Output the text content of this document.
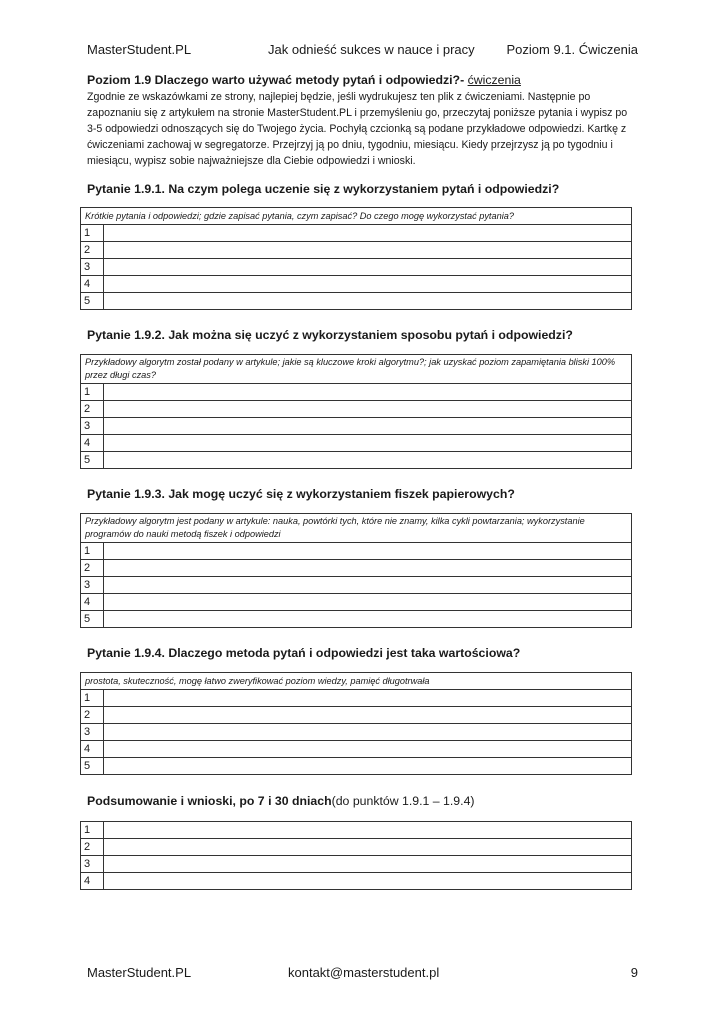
MasterStudent.PL	Jak odnieść sukces w nauce i pracy Poziom 9.1. Ćwiczenia
Poziom 1.9 Dlaczego warto używać metody pytań i odpowiedzi?- ćwiczenia

Zgodnie ze wskazówkami ze strony, najlepiej będzie, jeśli wydrukujesz ten plik z ćwiczeniami. Następnie po zapoznaniu się z artykułem na stronie MasterStudent.PL i przemyśleniu go, przeczytaj poniższe pytania i wypisz po 3-5 odpowiedzi odnoszących się do Twojego życia. Pochyłą czcionką są podane przykładowe odpowiedzi. Kartkę z ćwiczeniami zachowaj w segregatorze. Przejrzyj ją po dniu, tygodniu, miesiącu. Kiedy przejrzysz ją po tygodniu i miesiącu, wypisz sobie najważniejsze dla Ciebie odpowiedzi i wnioski.

Pytanie 1.9.1. Na czym polega uczenie się z wykorzystaniem pytań i odpowiedzi?

Krótkie pytania i odpowiedzi; gdzie zapisać pytania, czym zapisać? Do czego mogę wykorzystać pytania?	
1	
2	
3	
4	
5	

Pytanie 1.9.2. Jak można się uczyć z wykorzystaniem sposobu pytań i odpowiedzi?

Przykładowy algorytm został podany w artykule; jakie są kluczowe kroki algorytmu?; jak uzyskać poziom zapamiętania bliski 100% przez długi czas?	
1	
2	
3	
4	
5	

Pytanie 1.9.3. Jak mogę uczyć się z wykorzystaniem fiszek papierowych?

Przykładowy algorytm jest podany w artykule: nauka, powtórki tych, które nie znamy, kilka cykli powtarzania; wykorzystanie programów do nauki metodą fiszek i odpowiedzi	
1	
2	
3	
4	
5	

Pytanie 1.9.4. Dlaczego metoda pytań i odpowiedzi jest taka wartościowa?

prostota, skuteczność, mogę łatwo zweryfikować poziom wiedzy, pamięć długotrwała	
1	
2	
3	
4	
5	

Podsumowanie i wnioski, po 7 i 30 dniach(do punktów 1.9.1 – 1.9.4)

1	
2	
3	
4	
MasterStudent.PL	kontakt@masterstudent.pl	9
